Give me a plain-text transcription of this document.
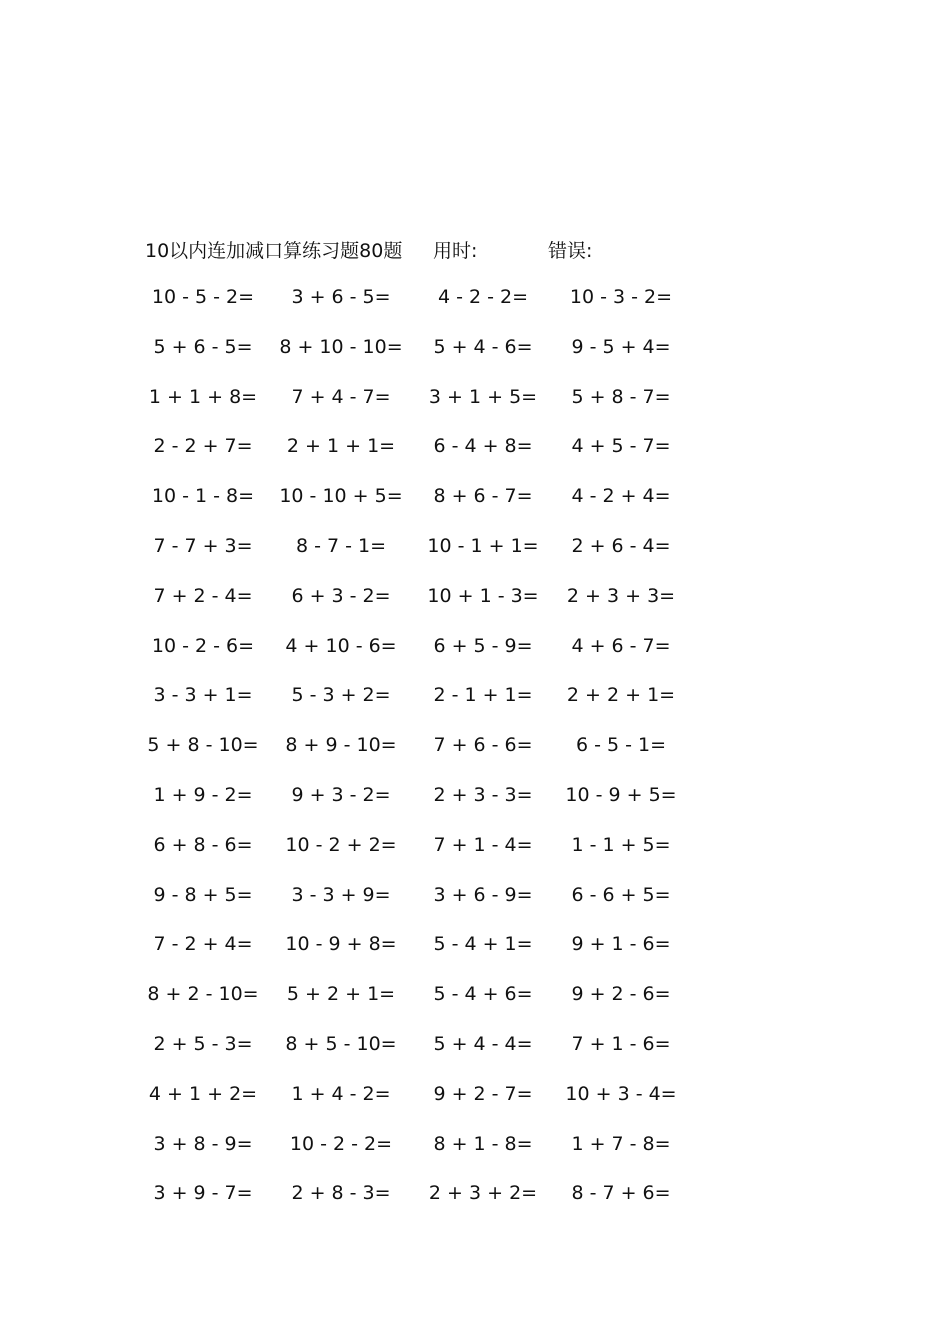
10以内连加减口算练习题80题 用时:	错误:
10 - 5 - 2=	3 + 6 - 5=	4 - 2 - 2=	10 - 3 - 2=
5 + 6 - 5=	8 + 10 - 10=	5 + 4 - 6=	9 - 5 + 4=
1 + 1 + 8=	7 + 4 - 7=	3 + 1 + 5=	5 + 8 - 7=
2 - 2 + 7=	2 + 1 + 1=	6 - 4 + 8=	4 + 5 - 7=
10 - 1 - 8=	10 - 10 + 5=	8 + 6 - 7=	4 - 2 + 4=
7 - 7 + 3=	8 - 7 - 1=	10 - 1 + 1=	2 + 6 - 4=
7 + 2 - 4=	6 + 3 - 2=	10 + 1 - 3=	2 + 3 + 3=
10 - 2 - 6=	4 + 10 - 6=	6 + 5 - 9=	4 + 6 - 7=
3 - 3 + 1=	5 - 3 + 2=	2 - 1 + 1=	2 + 2 + 1=
5 + 8 - 10=	8 + 9 - 10=	7 + 6 - 6=	6 - 5 - 1=
1 + 9 - 2=	9 + 3 - 2=	2 + 3 - 3=	10 - 9 + 5=
6 + 8 - 6=	10 - 2 + 2=	7 + 1 - 4=	1 - 1 + 5=
9 - 8 + 5=	3 - 3 + 9=	3 + 6 - 9=	6 - 6 + 5=
7 - 2 + 4=	10 - 9 + 8=	5 - 4 + 1=	9 + 1 - 6=
8 + 2 - 10=	5 + 2 + 1=	5 - 4 + 6=	9 + 2 - 6=
2 + 5 - 3=	8 + 5 - 10=	5 + 4 - 4=	7 + 1 - 6=
4 + 1 + 2=	1 + 4 - 2=	9 + 2 - 7=	10 + 3 - 4=
3 + 8 - 9=	10 - 2 - 2=	8 + 1 - 8=	1 + 7 - 8=
3 + 9 - 7=	2 + 8 - 3=	2 + 3 + 2=	8 - 7 + 6=
